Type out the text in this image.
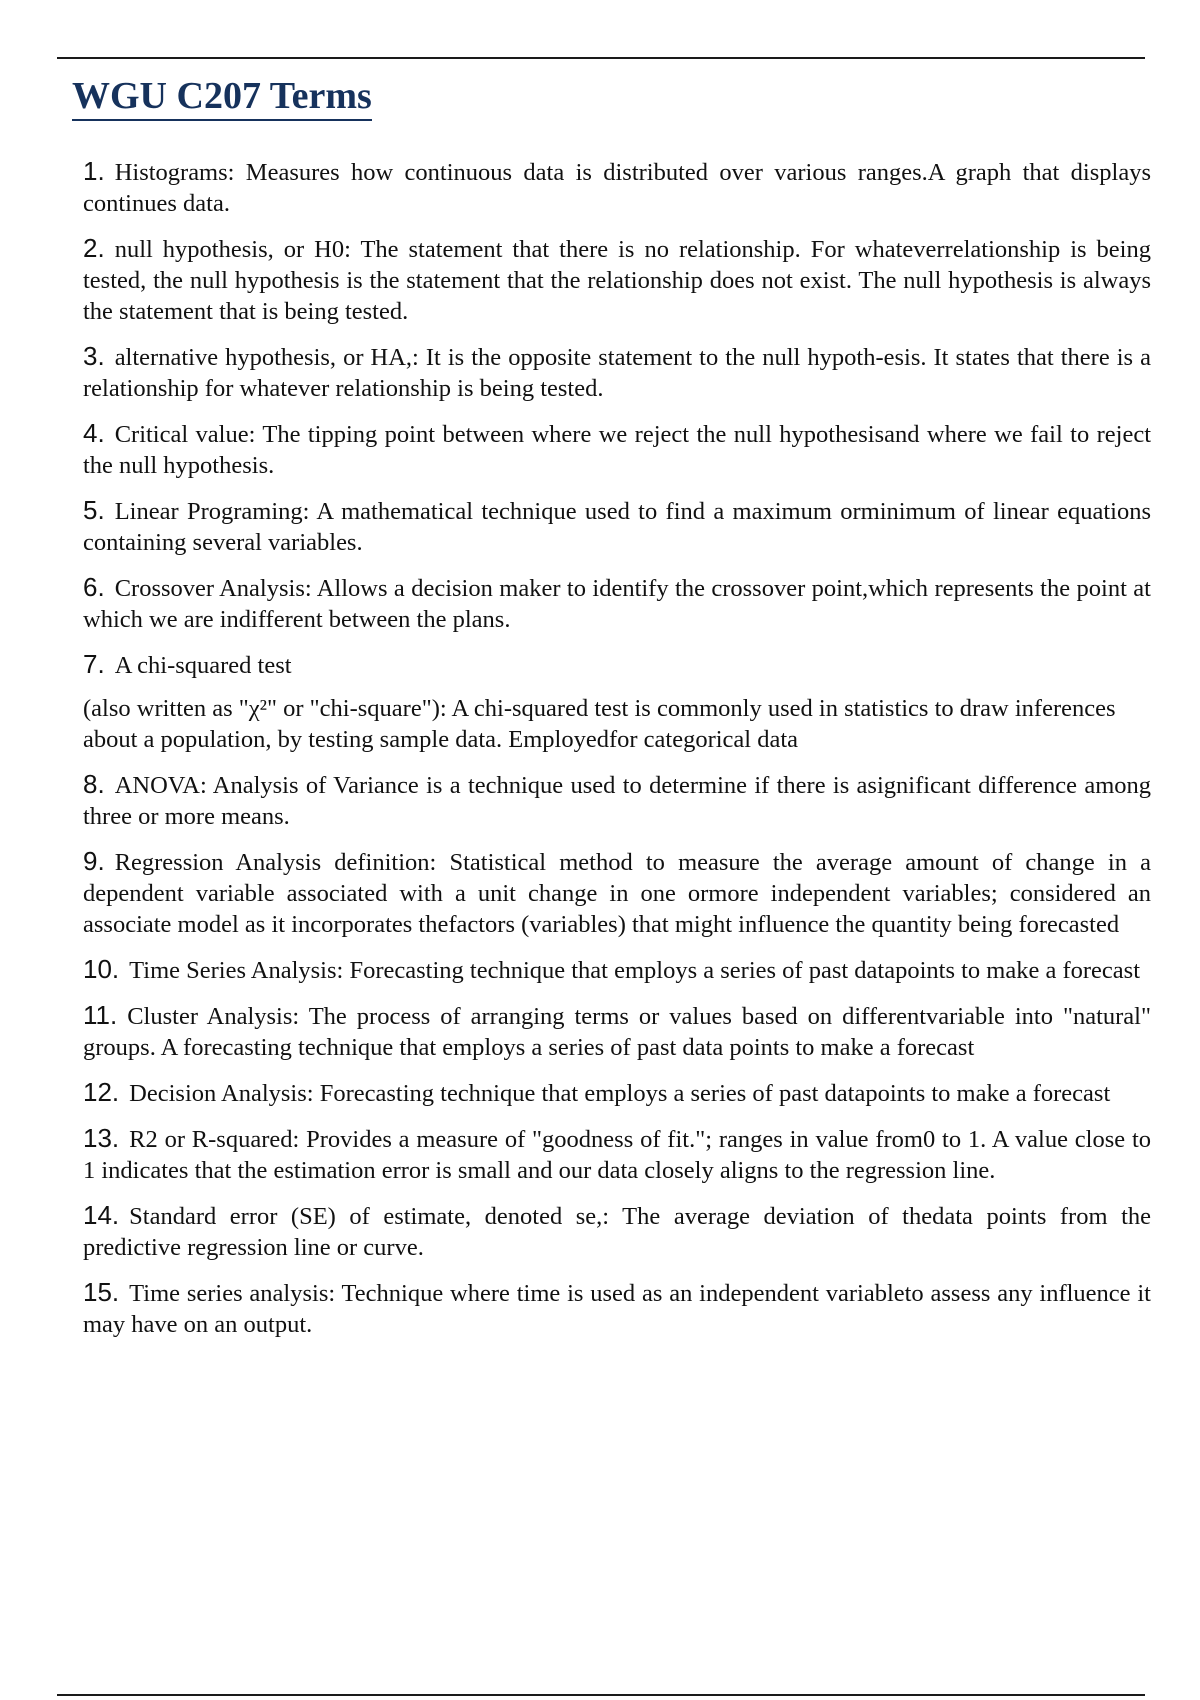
WGU C207 Terms

1. Histograms: Measures how continuous data is distributed over various ranges.A graph that displays continues data.

2. null hypothesis, or H0: The statement that there is no relationship. For whateverrelationship is being tested, the null hypothesis is the statement that the relationship does not exist. The null hypothesis is always the statement that is being tested.

3. alternative hypothesis, or HA,: It is the opposite statement to the null hypoth-esis. It states that there is a relationship for whatever relationship is being tested.

4. Critical value: The tipping point between where we reject the null hypothesisand where we fail to reject the null hypothesis.

5. Linear Programing: A mathematical technique used to find a maximum orminimum of linear equations containing several variables.

6. Crossover Analysis: Allows a decision maker to identify the crossover point,which represents the point at which we are indifferent between the plans.

7. A chi-squared test

(also written as "χ²" or "chi-square"): A chi-squared test is commonly used in statistics to draw inferences about a population, by testing sample data. Employedfor categorical data

8. ANOVA: Analysis of Variance is a technique used to determine if there is asignificant difference among three or more means.

9. Regression Analysis definition: Statistical method to measure the average amount of change in a dependent variable associated with a unit change in one ormore independent variables; considered an associate model as it incorporates thefactors (variables) that might influence the quantity being forecasted

10. Time Series Analysis: Forecasting technique that employs a series of past datapoints to make a forecast

11. Cluster Analysis: The process of arranging terms or values based on differentvariable into "natural" groups. A forecasting technique that employs a series of past data points to make a forecast

12. Decision Analysis: Forecasting technique that employs a series of past datapoints to make a forecast

13. R2 or R-squared: Provides a measure of "goodness of fit."; ranges in value from0 to 1. A value close to 1 indicates that the estimation error is small and our data closely aligns to the regression line.

14. Standard error (SE) of estimate, denoted se,: The average deviation of thedata points from the predictive regression line or curve.

15. Time series analysis: Technique where time is used as an independent variableto assess any influence it may have on an output.
